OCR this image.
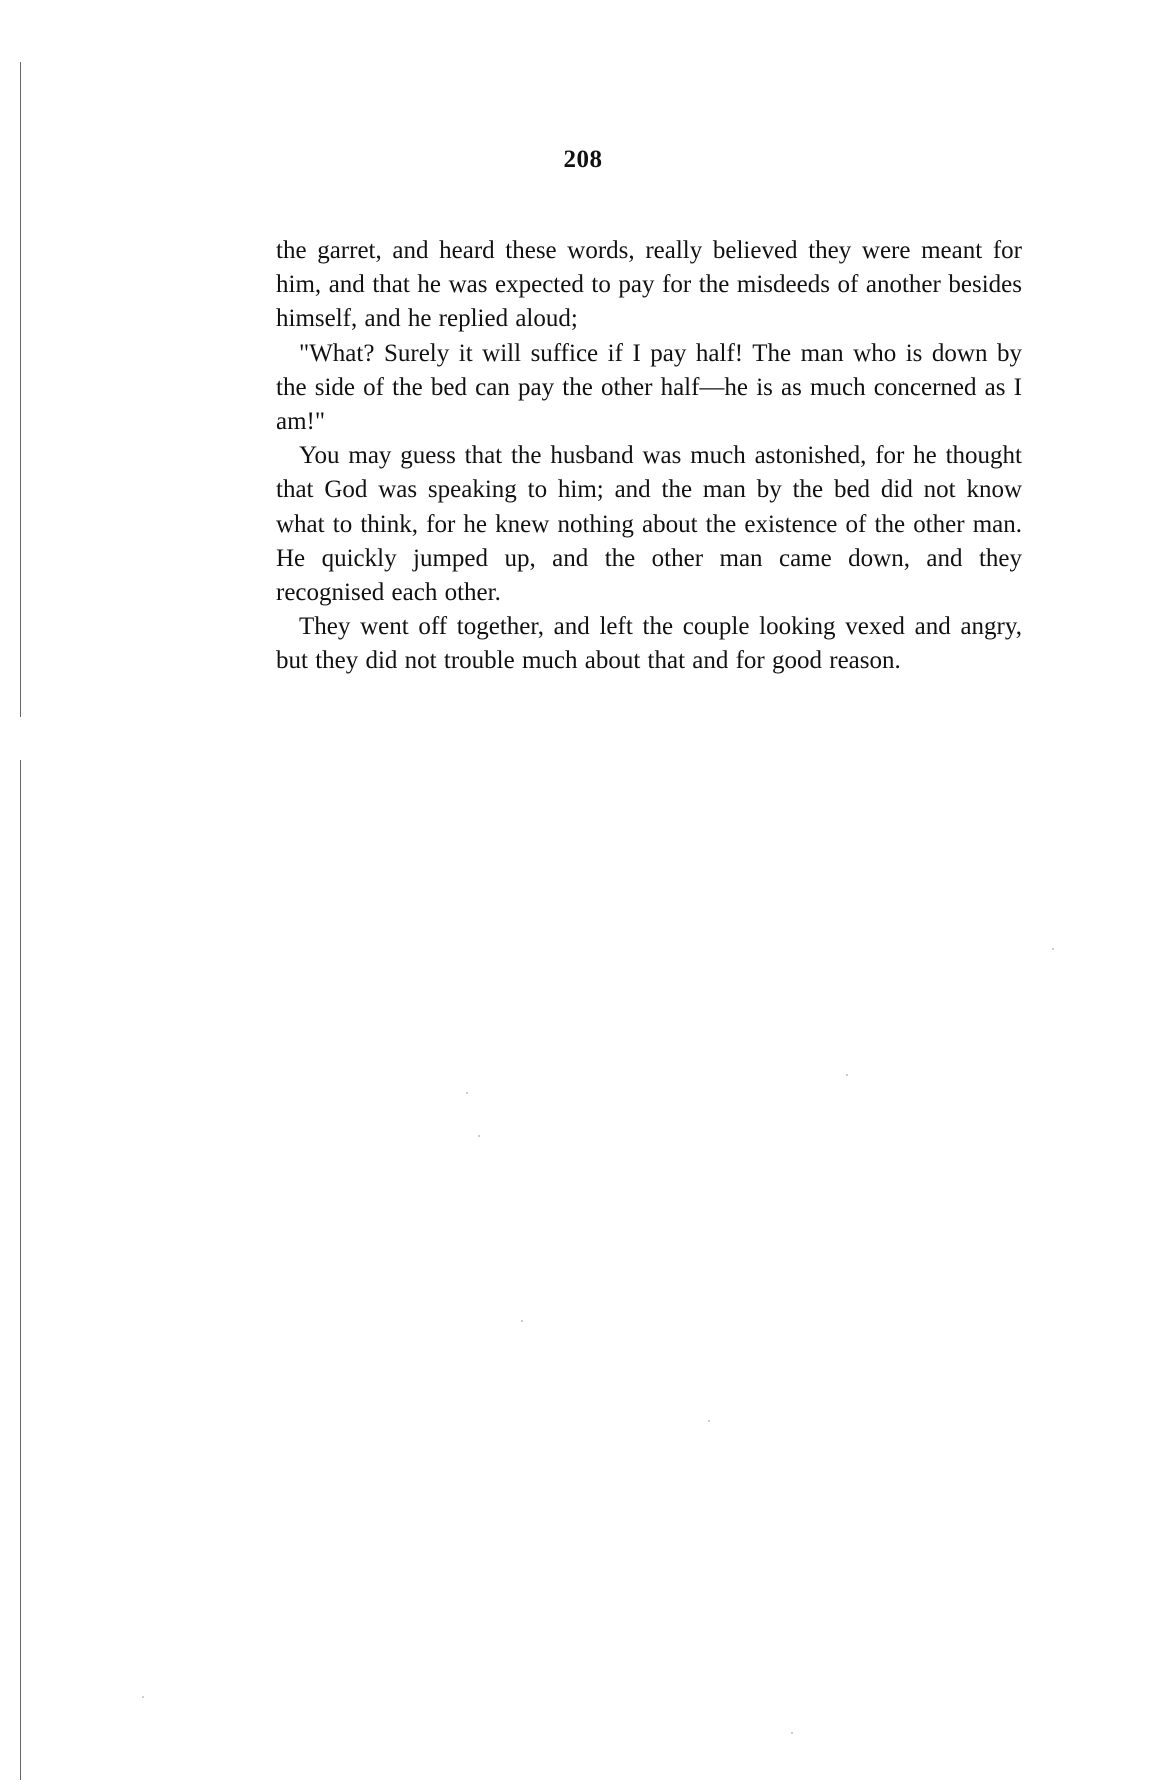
208

the garret, and heard these words, really believed they were meant for him, and that he was expected to pay for the misdeeds of another besides himself, and he replied aloud;

"What? Surely it will suffice if I pay half! The man who is down by the side of the bed can pay the other half—he is as much concerned as I am!"

You may guess that the husband was much astonished, for he thought that God was speaking to him; and the man by the bed did not know what to think, for he knew nothing about the existence of the other man. He quickly jumped up, and the other man came down, and they recognised each other.

They went off together, and left the couple looking vexed and angry, but they did not trouble much about that and for good reason.
